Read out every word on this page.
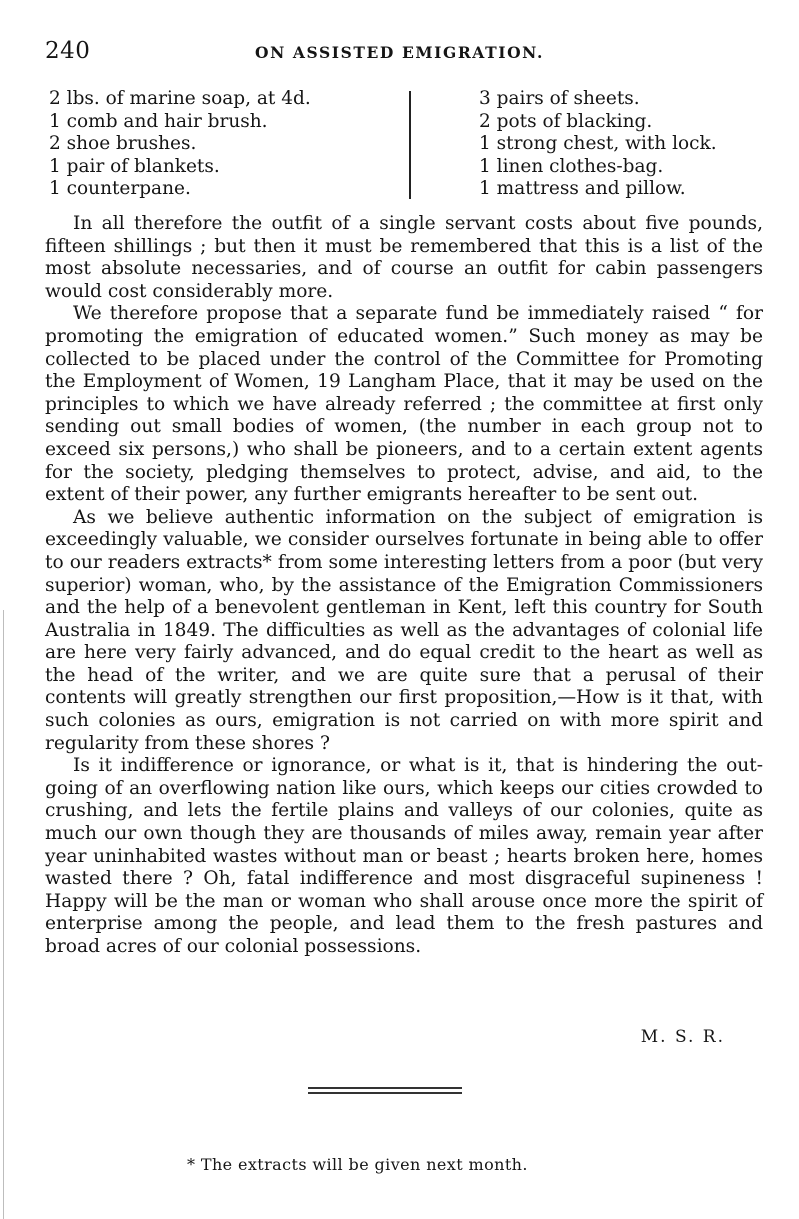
240	ON ASSISTED EMIGRATION.
2 lbs. of marine soap, at 4d.
1 comb and hair brush.
2 shoe brushes.
1 pair of blankets.
1 counterpane.
3 pairs of sheets.
2 pots of blacking.
1 strong chest, with lock.
1 linen clothes-bag.
1 mattress and pillow.

In all therefore the outfit of a single servant costs about five pounds, fifteen shillings ; but then it must be remembered that this is a list of the most absolute necessaries, and of course an outfit for cabin passengers would cost considerably more.

We therefore propose that a separate fund be immediately raised “ for promoting the emigration of educated women.” Such money as may be collected to be placed under the control of the Committee for Promoting the Employment of Women, 19 Langham Place, that it may be used on the principles to which we have already referred ; the committee at first only sending out small bodies of women, (the number in each group not to exceed six persons,) who shall be pioneers, and to a certain extent agents for the society, pledging themselves to protect, advise, and aid, to the extent of their power, any further emigrants hereafter to be sent out.

As we believe authentic information on the subject of emigration is exceedingly valuable, we consider ourselves fortunate in being able to offer to our readers extracts* from some interesting letters from a poor (but very superior) woman, who, by the assistance of the Emigration Commissioners and the help of a benevolent gentleman in Kent, left this country for South Australia in 1849. The difficulties as well as the advantages of colonial life are here very fairly advanced, and do equal credit to the heart as well as the head of the writer, and we are quite sure that a perusal of their contents will greatly strengthen our first proposition,—How is it that, with such colonies as ours, emigration is not carried on with more spirit and regularity from these shores ?

Is it indifference or ignorance, or what is it, that is hindering the out-going of an overflowing nation like ours, which keeps our cities crowded to crushing, and lets the fertile plains and valleys of our colonies, quite as much our own though they are thousands of miles away, remain year after year uninhabited wastes without man or beast ; hearts broken here, homes wasted there ? Oh, fatal indifference and most disgraceful supineness ! Happy will be the man or woman who shall arouse once more the spirit of enterprise among the people, and lead them to the fresh pastures and broad acres of our colonial possessions.

M. S. R.
* The extracts will be given next month.
